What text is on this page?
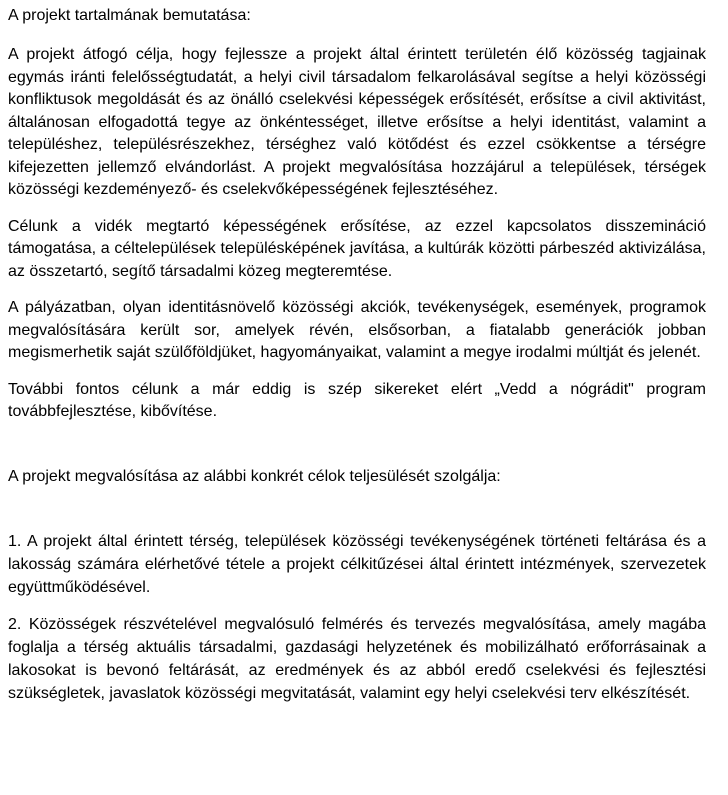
A projekt tartalmának bemutatása:

A projekt átfogó célja, hogy fejlessze a projekt által érintett területén élő közösség tagjainak egymás iránti felelősségtudatát, a helyi civil társadalom felkarolásával segítse a helyi közösségi konfliktusok megoldását és az önálló cselekvési képességek erősítését, erősítse a civil aktivitást, általánosan elfogadottá tegye az önkéntességet, illetve erősítse a helyi identitást, valamint a településhez, településrészekhez, térséghez való kötődést és ezzel csökkentse a térségre kifejezetten jellemző elvándorlást. A projekt megvalósítása hozzájárul a települések, térségek közösségi kezdeményező- és cselekvőképességének fejlesztéséhez.

Célunk a vidék megtartó képességének erősítése, az ezzel kapcsolatos disszemináció támogatása, a céltelepülések településképének javítása, a kultúrák közötti párbeszéd aktivizálása, az összetartó, segítő társadalmi közeg megteremtése.

A pályázatban, olyan identitásnövelő közösségi akciók, tevékenységek, események, programok megvalósítására került sor, amelyek révén, elsősorban, a fiatalabb generációk jobban megismerhetik saját szülőföldjüket, hagyományaikat, valamint a megye irodalmi múltját és jelenét.

További fontos célunk a már eddig is szép sikereket elért „Vedd a nógrádit" program továbbfejlesztése, kibővítése.

A projekt megvalósítása az alábbi konkrét célok teljesülését szolgálja:

1. A projekt által érintett térség, települések közösségi tevékenységének történeti feltárása és a lakosság számára elérhetővé tétele a projekt célkitűzései által érintett intézmények, szervezetek együttműködésével.

2. Közösségek részvételével megvalósuló felmérés és tervezés megvalósítása, amely magába foglalja a térség aktuális társadalmi, gazdasági helyzetének és mobilizálható erőforrásainak a lakosokat is bevonó feltárását, az eredmények és az abból eredő cselekvési és fejlesztési szükségletek, javaslatok közösségi megvitatását, valamint egy helyi cselekvési terv elkészítését.
